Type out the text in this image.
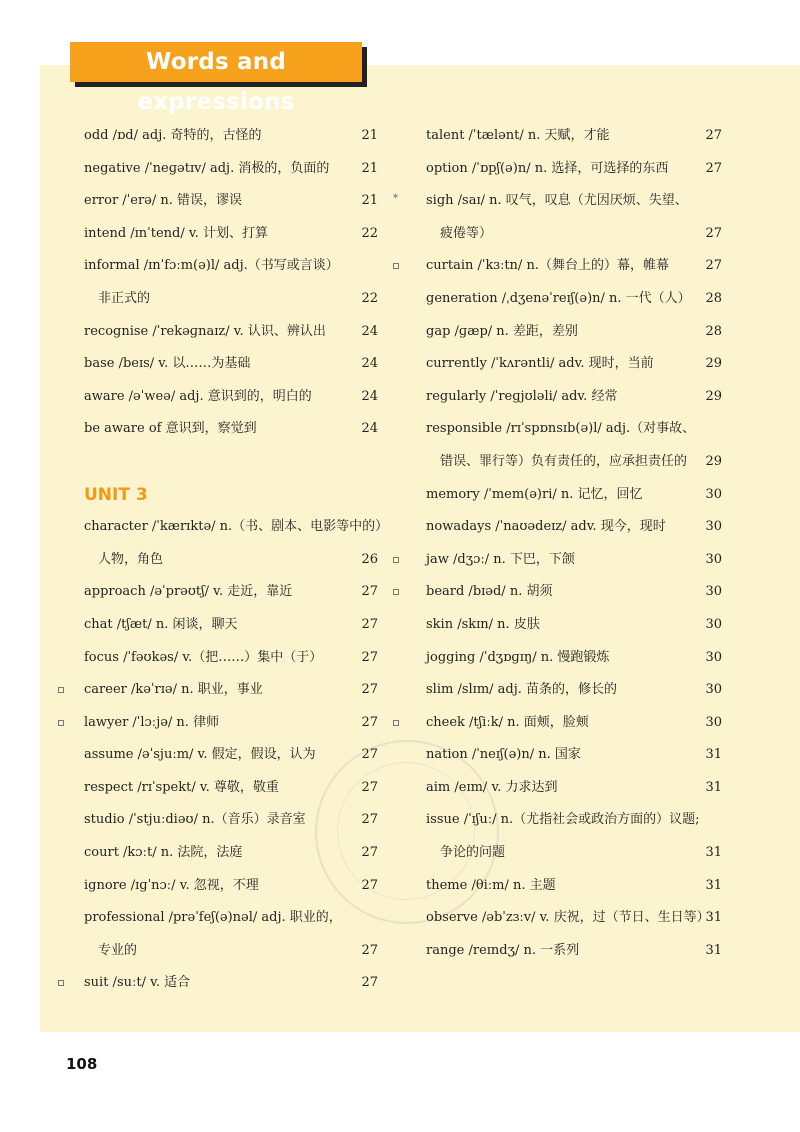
Words and expressions
odd /ɒd/ adj. 奇特的，古怪的	21
negative /ˈneɡətɪv/ adj. 消极的，负面的 21
error /ˈerə/ n. 错误，谬误	21
intend /ɪnˈtend/ v. 计划、打算	22
informal /ɪnˈfɔːm(ə)l/ adj.（书写或言谈）
非正式的	22
recognise /ˈrekəɡnaɪz/ v. 认识、辨认出	24
base /beɪs/ v. 以……为基础	24
aware /əˈweə/ adj. 意识到的，明白的	24
be aware of 意识到，察觉到	24
UNIT 3
character /ˈkærɪktə/ n.（书、剧本、电影等中的）
人物，角色	26
approach /əˈprəʊtʃ/ v. 走近，靠近	27
chat /tʃæt/ n. 闲谈，聊天	27
focus /ˈfəʊkəs/ v.（把……）集中（于）	27
career /kəˈrɪə/ n. 职业，事业	27
lawyer /ˈlɔːjə/ n. 律师	27
assume /əˈsjuːm/ v. 假定，假设，认为	27
respect /rɪˈspekt/ v. 尊敬，敬重	27
studio /ˈstjuːdiəʊ/ n.（音乐）录音室	27
court /kɔːt/ n. 法院，法庭	27
ignore /ɪɡˈnɔː/ v. 忽视，不理	27
professional /prəˈfeʃ(ə)nəl/ adj. 职业的，
专业的	27
suit /suːt/ v. 适合	27
talent /ˈtælənt/ n. 天赋，才能	27
option /ˈɒpʃ(ə)n/ n. 选择，可选择的东西	27
* sigh /saɪ/ n. 叹气，叹息（尤因厌烦、失望、
疲倦等）	27
curtain /ˈkɜːtn/ n.（舞台上的）幕，帷幕	27
generation /ˌdʒenəˈreɪʃ(ə)n/ n. 一代（人） 28
gap /ɡæp/ n. 差距，差别	28
currently /ˈkʌrəntli/ adv. 现时，当前	29
regularly /ˈreɡjʊləli/ adv. 经常	29
responsible /rɪˈspɒnsɪb(ə)l/ adj.（对事故、
错误、罪行等）负有责任的，应承担责任的 29
memory /ˈmem(ə)ri/ n. 记忆，回忆	30
nowadays /ˈnaʊədeɪz/ adv. 现今，现时	30
jaw /dʒɔː/ n. 下巴，下颌	30
beard /bɪəd/ n. 胡须	30
skin /skɪn/ n. 皮肤	30
jogging /ˈdʒɒɡɪŋ/ n. 慢跑锻炼	30
slim /slɪm/ adj. 苗条的，修长的	30
cheek /tʃiːk/ n. 面颊，脸颊	30
nation /ˈneɪʃ(ə)n/ n. 国家	31
aim /eɪm/ v. 力求达到	31
issue /ˈɪʃuː/ n.（尤指社会或政治方面的）议题;
争论的问题	31
theme /θiːm/ n. 主题	31
observe /əbˈzɜːv/ v. 庆祝，过（节日、生日等）
31
range /reɪndʒ/ n. 一系列	31
108
